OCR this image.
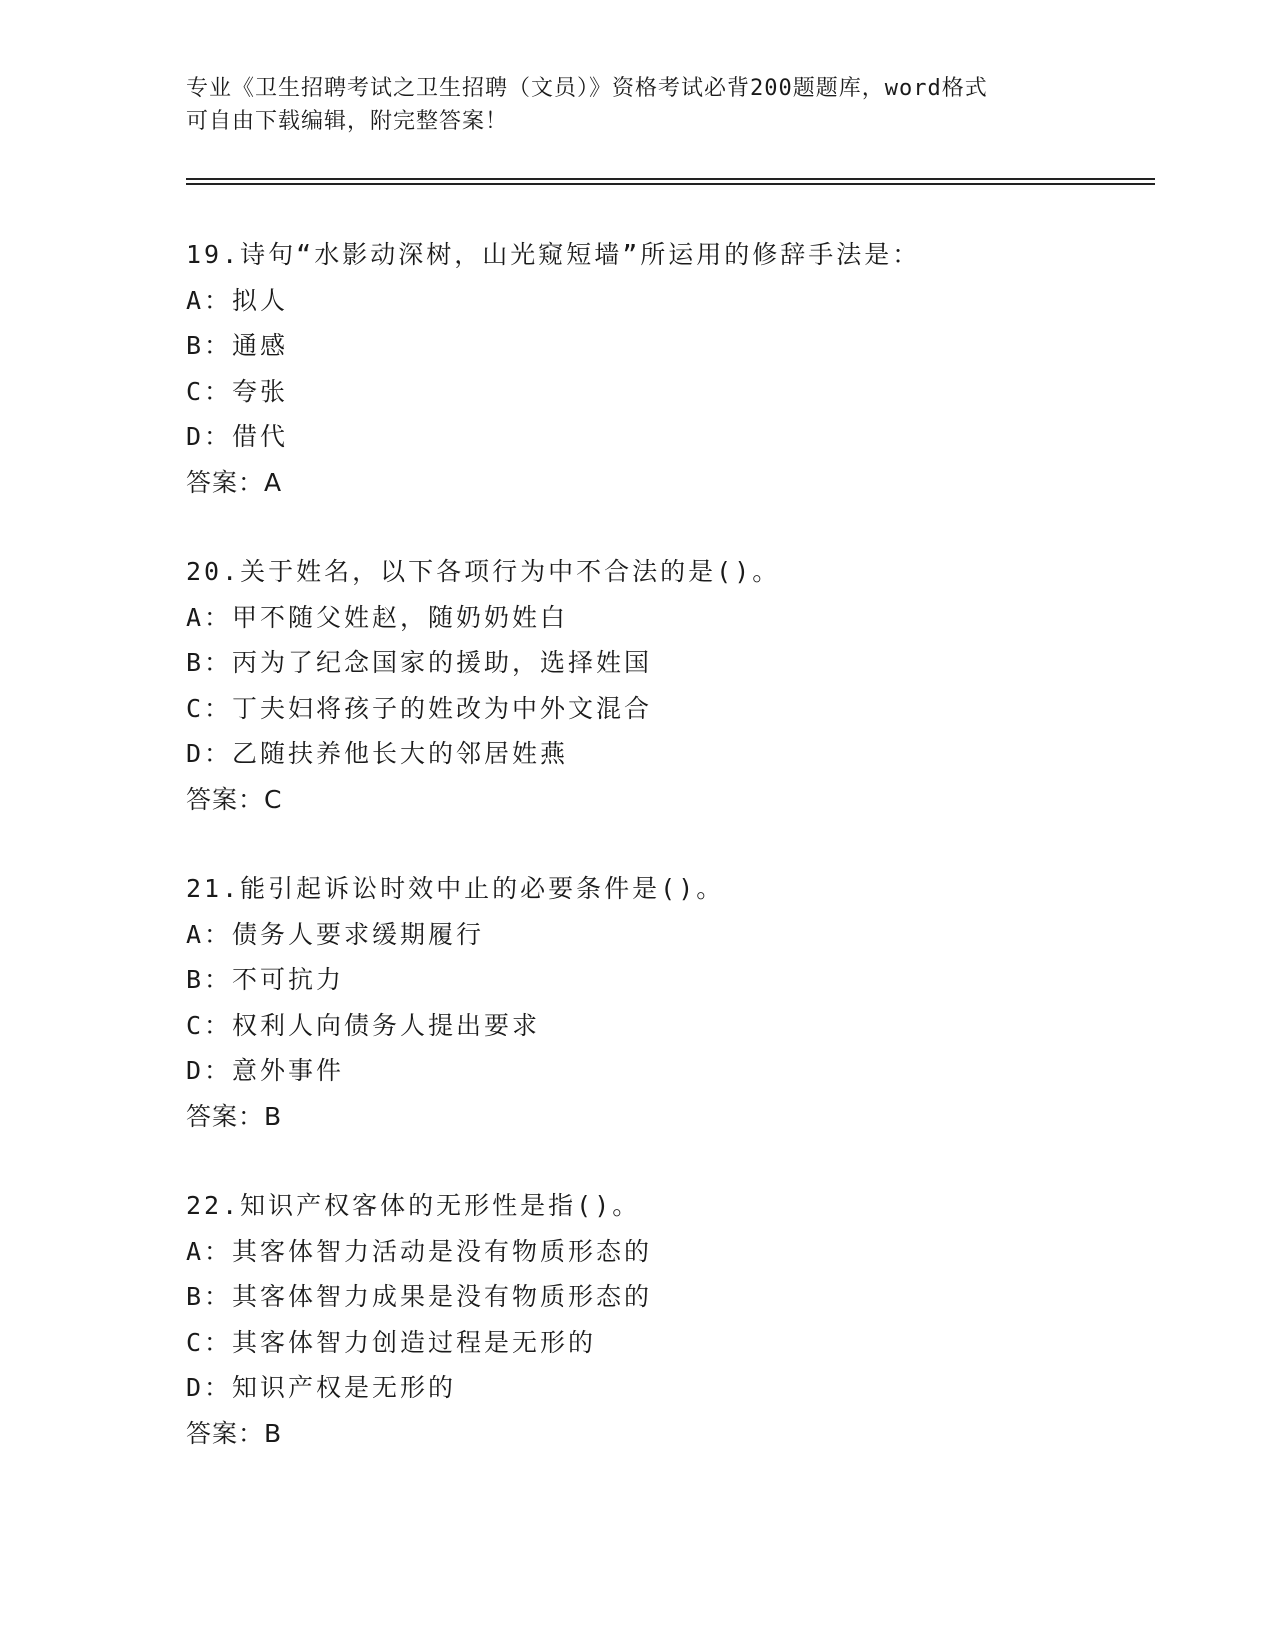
专业《卫生招聘考试之卫生招聘（文员）》资格考试必背200题题库，word格式
可自由下载编辑，附完整答案！
19.诗句“水影动深树，山光窥短墙”所运用的修辞手法是：
A：拟人
B：通感
C：夸张
D：借代
答案：A
20.关于姓名，以下各项行为中不合法的是()。
A：甲不随父姓赵，随奶奶姓白
B：丙为了纪念国家的援助，选择姓国
C：丁夫妇将孩子的姓改为中外文混合
D：乙随扶养他长大的邻居姓燕
答案：C
21.能引起诉讼时效中止的必要条件是()。
A：债务人要求缓期履行
B：不可抗力
C：权利人向债务人提出要求
D：意外事件
答案：B
22.知识产权客体的无形性是指()。
A：其客体智力活动是没有物质形态的
B：其客体智力成果是没有物质形态的
C：其客体智力创造过程是无形的
D：知识产权是无形的
答案：B
